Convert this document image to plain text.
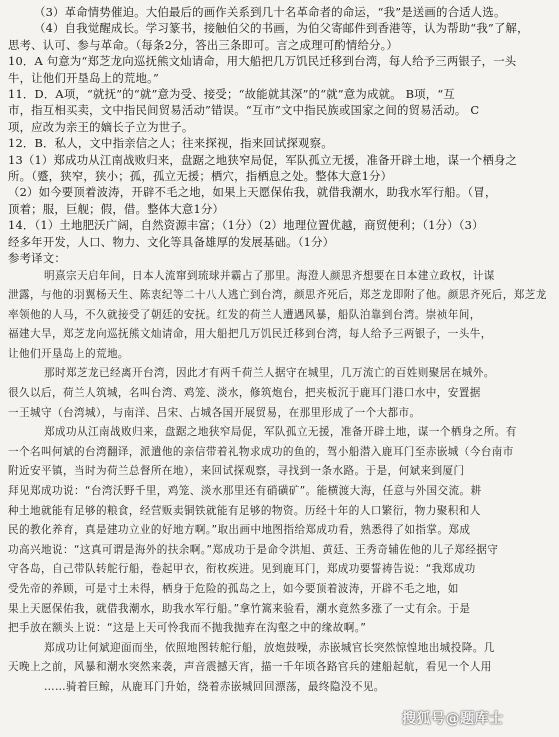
（3）革命情势催迫。大伯最后的画作关系到几十名革命者的命运，“我”是送画的合适人选。

（4）自我觉醒成长。学习篆书，接触伯父的书画，为伯父寄邮件到香港等，认为帮助“我”了解，

思考、认可、参与革命。（每条2分，答出三条即可。言之成理可酌情给分。）

10．A 句意为“郑芝龙向巡抚熊文灿请命，用大船把几万饥民迁移到台湾，每人给予三两银子，一头

牛，让他们开垦岛上的荒地。”

11．D．A项，“就抚”的“就”意为受、接受；“故能就其深”的“就”意为成就。 B项，“互

市，指互相买卖，文中指民间贸易活动”错误。“互市”文中指民族或国家之间的贸易活动。 C

项，应改为亲王的嫡长子立为世子。

12．B．私人，文中指亲信之人；往来探视，指来回试探观察。

13（1）郑成功从江南战败归来，盘踞之地狭窄局促，军队孤立无援，准备开辟土地，谋一个栖身之

所。（蹙，狭窄，狭小；孤，孤立无援；栖穴，指栖息之处。整体大意1分）

（2）如今要顶着波涛，开辟不毛之地，如果上天愿保佑我，就借我潮水，助我水军行船。（冒，

顶着；服，巨舰；假，借。整体大意1分）

14．（1）土地肥沃广阔，自然资源丰富；（1分）（2）地理位置优越，商贸便利；（1分）（3）

经多年开发，人口、物力、文化等具备雄厚的发展基础。（1分）

参考译文：

明熹宗天启年间，日本人流窜到琉球并霸占了那里。海澄人颜思齐想要在日本建立政权，计谋

泄露，与他的羽翼杨天生、陈衷纪等二十八人逃亡到台湾，颜思齐死后，郑芝龙即附了他。颜思齐死后，郑芝龙

率领他的人马，不久就接受了朝廷的安抚。红发的荷兰人遭遇风暴，船队泊靠到台湾。崇祯年间，

福建大旱，郑芝龙向巡抚熊文灿请命，用大船把几万饥民迁移到台湾，每人给予三两银子，一头牛，

让他们开垦岛上的荒地。

那时郑芝龙已经离开台湾，因此才有两千荷兰人据守在城里，几万流亡的百姓则聚居在城外。

很久以后，荷兰人筑城，名叫台湾、鸡笼、淡水，修筑炮台，把夹板沉于鹿耳门港口水中，安置据

一王城守（台湾城），与南洋、吕宋、占城各国开展贸易，在那里形成了一个大都市。

郑成功从江南战败归来，盘踞之地狭窄局促，军队孤立无援，准备开辟土地，谋一个栖身之所。有

一个名叫何斌的台湾翻译，派遣他的亲信带着礼物求成功的鱼的，驾小船潜入鹿耳门至赤嵌城（今台南市

附近安平镇，当时为荷兰总督所在地），来回试探观察，寻找到一条水路。于是，何斌来到厦门

拜见郑成功说：“台湾沃野千里，鸡笼、淡水那里还有硝磺矿”。能横渡大海，任意与外国交流。耕

种土地就能有足够的粮食，经营贩卖铜铁就能有足够的物资。历经十年的人口繁衍，物力聚积和人

民的教化养育，真是建功立业的好地方啊。”取出画中地图指给郑成功看，熟悉得了如指掌。郑成

功高兴地说：“这真可谓是海外的扶余啊。”郑成功于是命令洪旭、黄廷、王秀奇辅佐他的儿子郑经据守

守各岛，自己带队转舵行船，卷起甲衣，衔枚疾进。见到鹿耳门，郑成功要誓祷告说：“我郑成功

受先帝的养顾，可是寸土未得，栖身于危险的孤岛之上，如今要顶着波涛，开辟不毛之地，如

果上天愿保佑我，就借我潮水，助我水军行船。”拿竹篙来验看，潮水竟然多涨了一丈有余。于是

把手放在额头上说：“这是上天可怜我而不抛我抛弃在沟壑之中的缘故啊。”

郑成功让何斌迎面而坐，依照地图转舵行船，放炮鼓噪，赤嵌城官长突然惊惶地出城投降。几

天晚上之前，风暴和潮水突然来袭，声音震撼天宵，描一千年顷各路官兵的建船起航，看见一个人用

……骑着巨鲸，从鹿耳门升始，绕着赤嵌城回回漂荡，最终隐没不见。

搜狐号@题库士
